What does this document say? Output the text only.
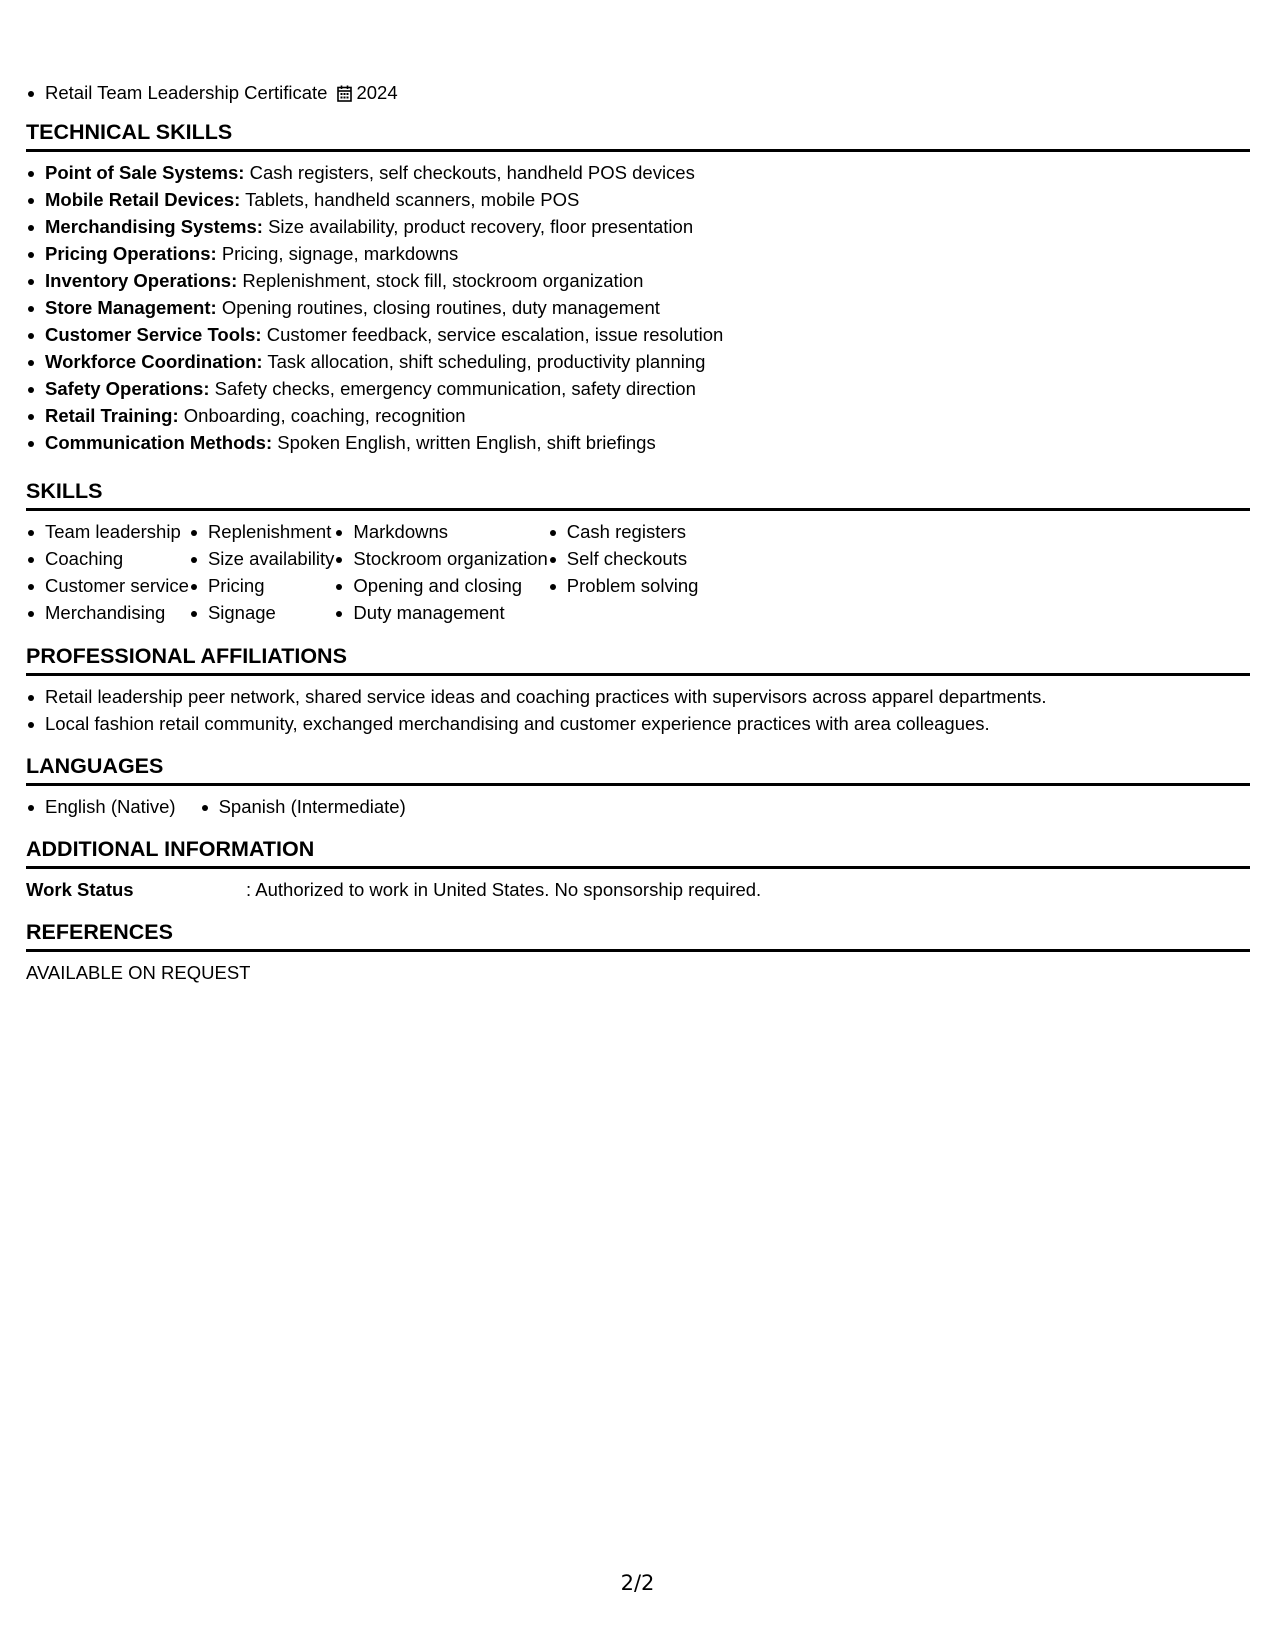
Retail Team Leadership Certificate 2024
TECHNICAL SKILLS
Point of Sale Systems: Cash registers, self checkouts, handheld POS devices
Mobile Retail Devices: Tablets, handheld scanners, mobile POS
Merchandising Systems: Size availability, product recovery, floor presentation
Pricing Operations: Pricing, signage, markdowns
Inventory Operations: Replenishment, stock fill, stockroom organization
Store Management: Opening routines, closing routines, duty management
Customer Service Tools: Customer feedback, service escalation, issue resolution
Workforce Coordination: Task allocation, shift scheduling, productivity planning
Safety Operations: Safety checks, emergency communication, safety direction
Retail Training: Onboarding, coaching, recognition
Communication Methods: Spoken English, written English, shift briefings
SKILLS
Team leadership
Coaching
Customer service
Merchandising
Replenishment
Size availability
Pricing
Signage
Markdowns
Stockroom organization
Opening and closing
Duty management
Cash registers
Self checkouts
Problem solving
PROFESSIONAL AFFILIATIONS
Retail leadership peer network, shared service ideas and coaching practices with supervisors across apparel departments.
Local fashion retail community, exchanged merchandising and customer experience practices with area colleagues.
LANGUAGES
English (Native)	Spanish (Intermediate)
ADDITIONAL INFORMATION
Work Status	: Authorized to work in United States. No sponsorship required.
REFERENCES
AVAILABLE ON REQUEST
2/2
